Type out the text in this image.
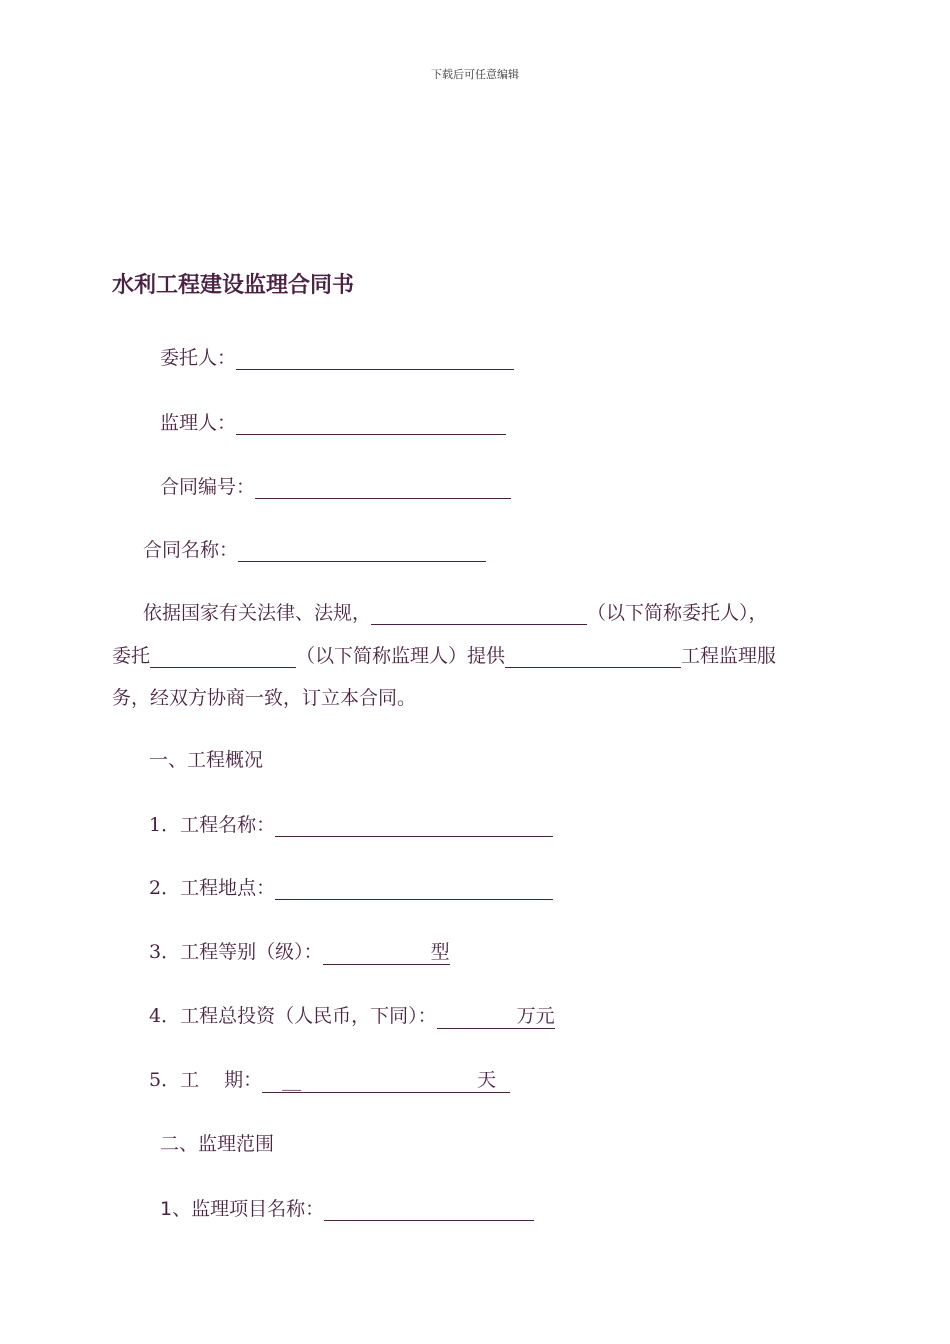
下载后可任意编辑
水利工程建设监理合同书
委托人：
监理人：
合同编号：
合同名称：
依据国家有关法律、法规，	（以下简称委托人），
委托	（以下简称监理人）提供	工程监理服
务，经双方协商一致，订立本合同。
一、工程概况
1．工程名称：
2．工程地点：
3．工程等别（级）：	型
4．工程总投资（人民币，下同）：	万元
5．工　 期： __	天
二、监理范围
1、监理项目名称：
